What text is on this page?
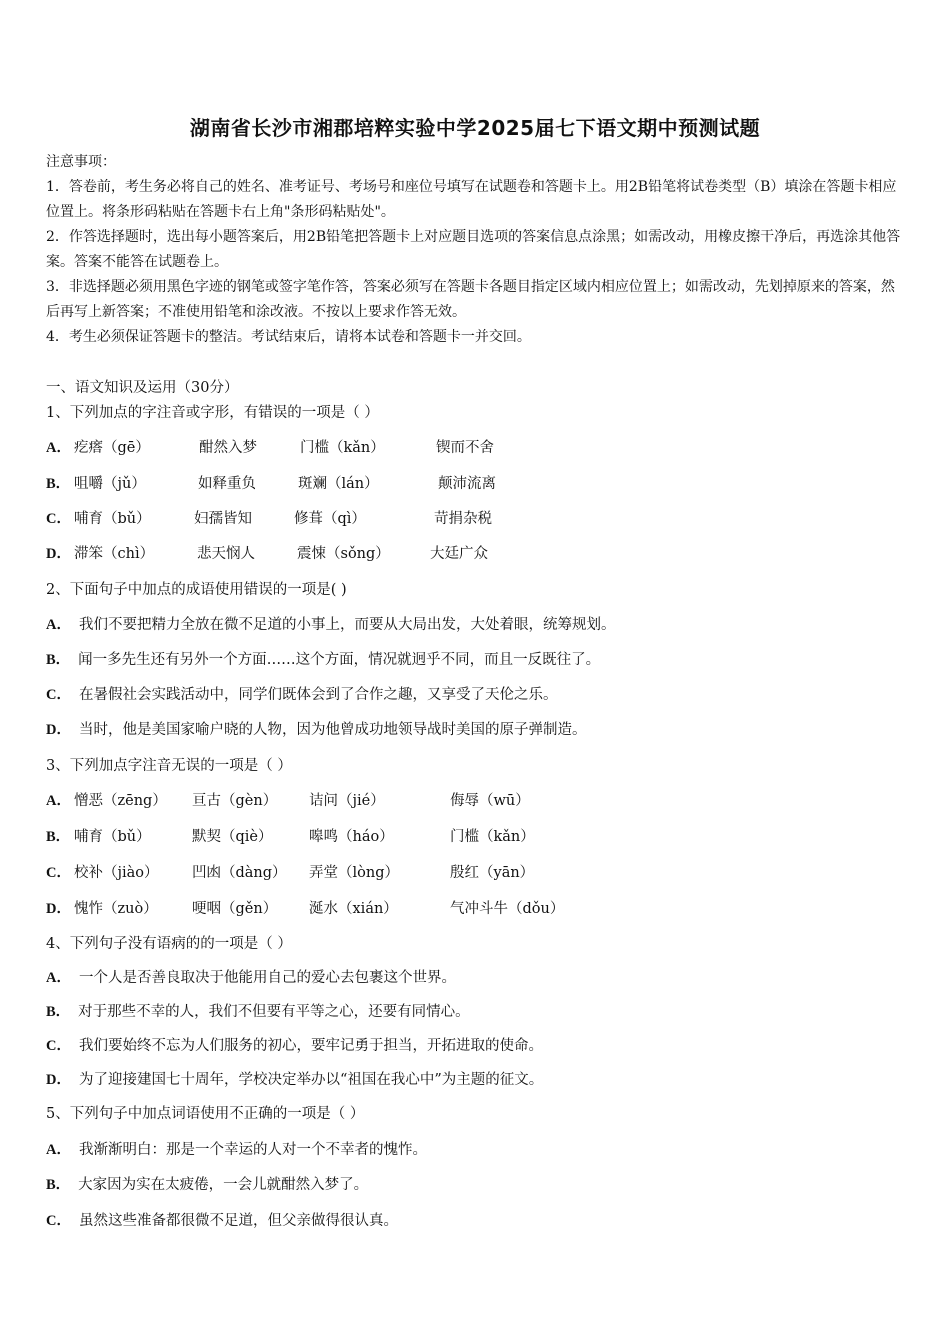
湖南省长沙市湘郡培粹实验中学2025届七下语文期中预测试题

注意事项：

1．答卷前，考生务必将自己的姓名、准考证号、考场号和座位号填写在试题卷和答题卡上。用2B铅笔将试卷类型（B）填涂在答题卡相应位置上。将条形码粘贴在答题卡右上角"条形码粘贴处"。

2．作答选择题时，选出每小题答案后，用2B铅笔把答题卡上对应题目选项的答案信息点涂黑；如需改动，用橡皮擦干净后，再选涂其他答案。答案不能答在试题卷上。

3．非选择题必须用黑色字迹的钢笔或签字笔作答，答案必须写在答题卡各题目指定区域内相应位置上；如需改动，先划掉原来的答案，然后再写上新答案；不准使用铅笔和涂改液。不按以上要求作答无效。

4．考生必须保证答题卡的整洁。考试结束后，请将本试卷和答题卡一并交回。

一、语文知识及运用（30分）
1、下列加点的字注音或字形，有错误的一项是（ ）
A． 疙瘩（gē）	酣然入梦	门槛（kǎn）	锲而不舍
B． 咀嚼（jǔ）	如释重负	斑斓（lán）	颠沛流离
C． 哺育（bǔ）	妇孺皆知	修葺（qì）	苛捐杂税
D． 滞笨（chì）	悲天悯人	震悚（sǒng）	大廷广众
2、下面句子中加点的成语使用错误的一项是( )
A． 我们不要把精力全放在微不足道的小事上，而要从大局出发，大处着眼，统筹规划。
B． 闻一多先生还有另外一个方面……这个方面，情况就迥乎不同，而且一反既往了。
C． 在暑假社会实践活动中，同学们既体会到了合作之趣，又享受了天伦之乐。
D． 当时，他是美国家喻户晓的人物，因为他曾成功地领导战时美国的原子弹制造。
3、下列加点字注音无误的一项是（ ）
A． 憎恶（zēng） 亘古（gèn） 诘问（jié）	侮辱（wū）
B． 哺育（bǔ）	默契（qiè）	嗥鸣（háo）	门槛（kǎn）
C． 校补（jiào） 凹凼（dàng） 弄堂（lòng）	殷红（yān）
D． 愧怍（zuò） 哽咽（gěn） 涎水（xián）	气冲斗牛（dǒu）
4、下列句子没有语病的的一项是（ ）
A． 一个人是否善良取决于他能用自己的爱心去包裹这个世界。
B． 对于那些不幸的人，我们不但要有平等之心，还要有同情心。
C． 我们要始终不忘为人们服务的初心，要牢记勇于担当，开拓进取的使命。
D． 为了迎接建国七十周年，学校决定举办以“祖国在我心中”为主题的征文。
5、下列句子中加点词语使用不正确的一项是（ ）
A． 我渐渐明白：那是一个幸运的人对一个不幸者的愧怍。
B． 大家因为实在太疲倦，一会儿就酣然入梦了。
C． 虽然这些准备都很微不足道，但父亲做得很认真。
